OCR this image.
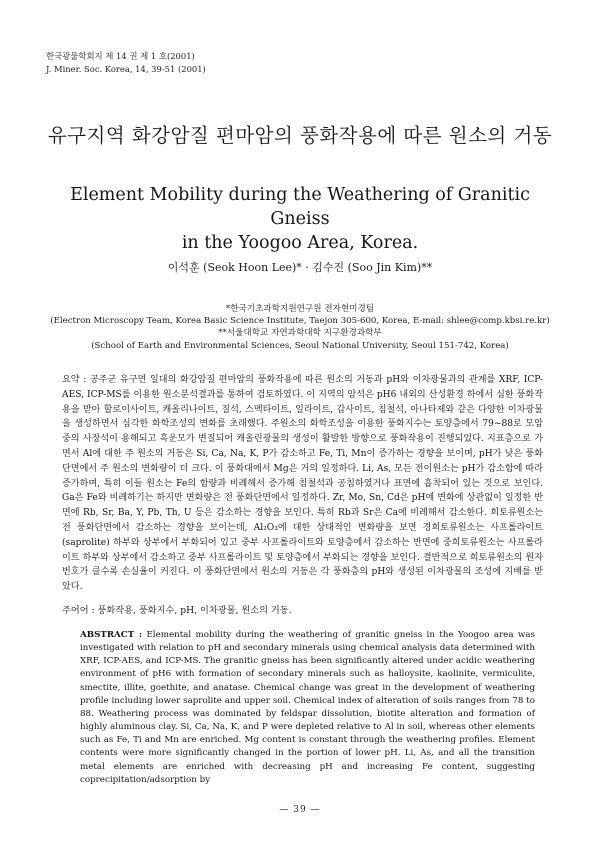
한국광물학회지 제 14 권 제 1 호(2001)
J. Miner. Soc. Korea, 14, 39-51 (2001)
유구지역 화강암질 편마암의 풍화작용에 따른 원소의 거동
Element Mobility during the Weathering of Granitic Gneiss
in the Yoogoo Area, Korea.
이석훈 (Seok Hoon Lee)* · 김수진 (Soo Jin Kim)**
*한국기초과학지원연구원 전자현미경팀
(Electron Microscopy Team, Korea Basic Science Institute, Taejon 305-600, Korea, E-mail: shlee@comp.kbsi.re.kr)
**서울대학교 자연과학대학 지구환경과학부
(School of Earth and Environmental Sciences, Seoul National University, Seoul 151-742, Korea)
요약 : 공주군 유구면 일대의 화강암질 편마암의 풍화작용에 따른 원소의 거동과 pH와 이차광물과의 관계를 XRF, ICP-AES, ICP-MS를 이용한 원소분석결과를 통하여 검토하였다. 이 지역의 암석은 pH6 내외의 산성환경 하에서 심한 풍화작용을 받아 할로이사이트, 캐올리나이트, 질석, 스멕타이트, 일라이트, 갑사이트, 침철석, 아나타제와 같은 다양한 이차광물을 생성하면서 심각한 화학조성의 변화를 초래했다. 주원소의 화학조성을 이용한 풍화지수는 토양층에서 79~88로 모암 중의 사장석이 용해되고 흑운모가 변질되어 캐올린광물의 생성이 활발한 방향으로 풍화작용이 진행되었다. 지표층으로 가면서 Al에 대한 주 원소의 거동은 Si, Ca, Na, K, P가 감소하고 Fe, Ti, Mn이 증가하는 경향을 보이며, pH가 낮은 풍화단면에서 주 원소의 변화량이 더 크다. 이 풍화대에서 Mg은 거의 일정하다. Li, As, 모든 전이원소는 pH가 감소함에 따라 증가하며, 특히 이들 원소는 Fe의 함량과 비례해서 증가해 침철석과 공침하였거나 표면에 흡착되어 있는 것으로 보인다. Ga은 Fe와 비례하기는 하지만 변화량은 전 풍화단면에서 일정하다. Zr, Mo, Sn, Cd은 pH에 변화에 상관없이 일정한 반면에 Rb, Sr, Ba, Y, Pb, Th, U 등은 감소하는 경향을 보인다. 특히 Rb과 Sr은 Ca에 비례해서 감소한다. 희토류원소는 전 풍화단면에서 감소하는 경향을 보이는데, Al₂O₃에 대한 상대적인 변화량을 보면 경희토류원소는 사프롤라이트(saprolite) 하부와 상부에서 부화되어 있고 중부 사프롤라이트와 토양층에서 감소하는 반면에 중희토류원소는 사프롤라이트 하부와 상부에서 감소하고 중부 사프롤라이트 및 토양층에서 부화되는 경향을 보인다. 결반적으로 희토류원소의 원자번호가 클수록 손실율이 커진다. 이 풍화단면에서 원소의 거동은 각 풍화층의 pH와 생성된 이차광물의 조성에 지배를 받았다.
주어어 : 풍화작용, 풍화지수, pH, 이차광물, 원소의 거동.
ABSTRACT : Elemental mobility during the weathering of granitic gneiss in the Yoogoo area was investigated with relation to pH and secondary minerals using chemical analysis data determined with XRF, ICP-AES, and ICP-MS. The granitic gneiss has been significantly altered under acidic weathering environment of pH6 with formation of secondary minerals such as halloysite, kaolinite, vermiculite, smectite, illite, goethite, and anatase. Chemical change was great in the development of weathering profile including lower saprolite and upper soil. Chemical index of alteration of soils ranges from 78 to 88. Weathering process was dominated by feldspar dissolution, biotite alteration and formation of highly aluminous clay. Si, Ca, Na, K, and P were depleted relative to Al in soil, whereas other elements such as Fe, Ti and Mn are enriched. Mg content is constant through the weathering profiles. Element contents were more significantly changed in the portion of lower pH. Li, As, and all the transition metal elements are enriched with decreasing pH and increasing Fe content, suggesting coprecipitation/adsorption by
— 39 —
